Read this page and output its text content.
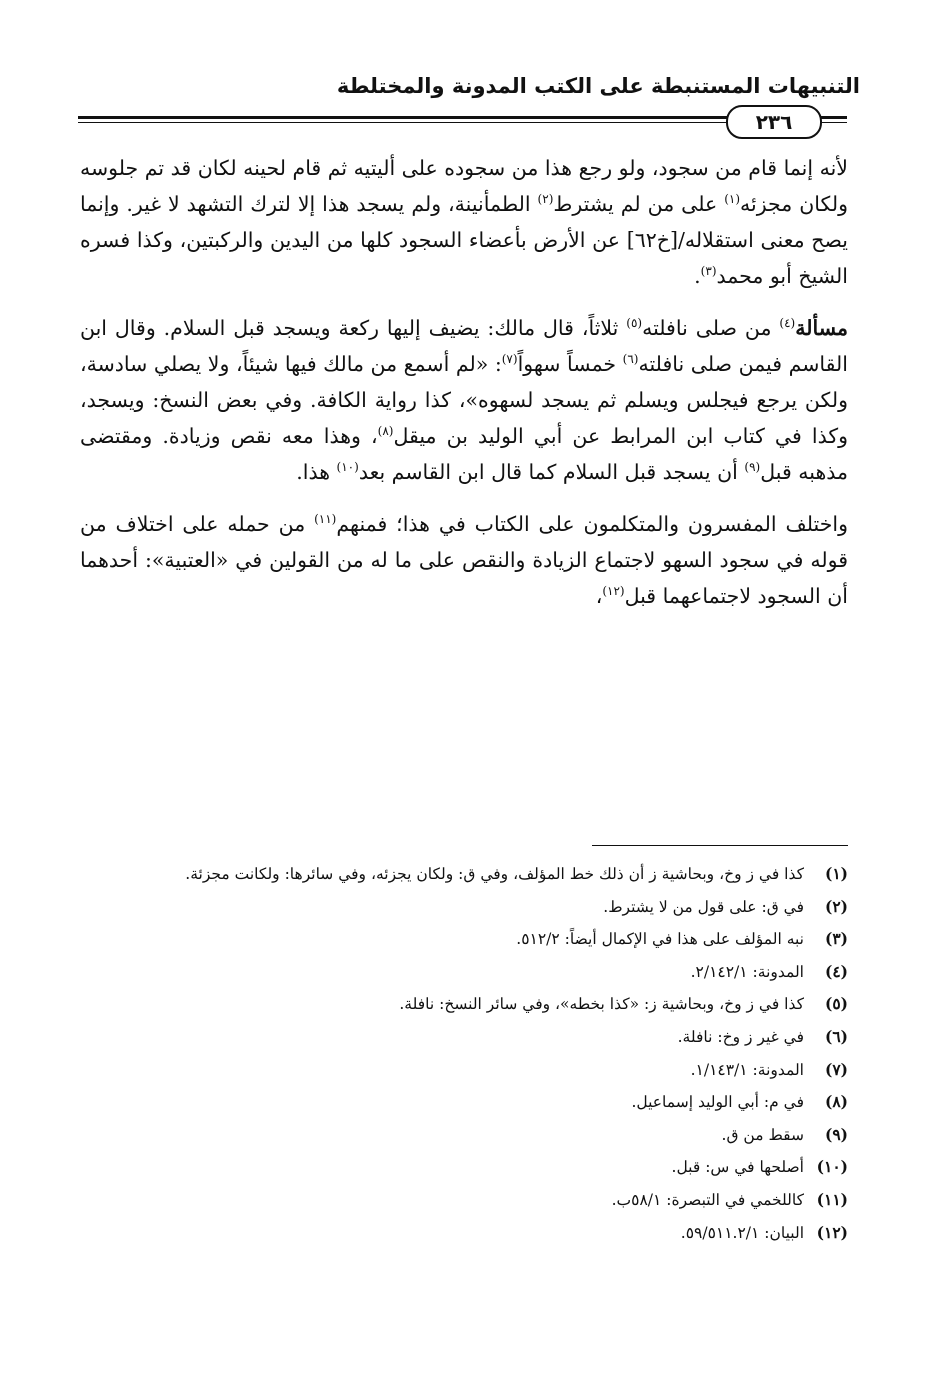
التنبيهات المستنبطة على الكتب المدونة والمختلطة
٢٣٦

لأنه إنما قام من سجود، ولو رجع هذا من سجوده على أليتيه ثم قام لحينه لكان قد تم جلوسه ولكان مجزئه$^{(١)}$ على من لم يشترط$^{(٢)}$ الطمأنينة، ولم يسجد هذا إلا لترك التشهد لا غير. وإنما يصح معنى استقلاله/[خ٦٢] عن الأرض بأعضاء السجود كلها من اليدين والركبتين، وكذا فسره الشيخ أبو محمد$^{(٣)}$.

مسألة$^{(٤)}$ من صلى نافلته$^{(٥)}$ ثلاثاً، قال مالك: يضيف إليها ركعة ويسجد قبل السلام. وقال ابن القاسم فيمن صلى نافلته$^{(٦)}$ خمساً سهواً$^{(٧)}$: «لم أسمع من مالك فيها شيئاً، ولا يصلي سادسة، ولكن يرجع فيجلس ويسلم ثم يسجد لسهوه»، كذا رواية الكافة. وفي بعض النسخ: ويسجد، وكذا في كتاب ابن المرابط عن أبي الوليد بن ميقل$^{(٨)}$، وهذا معه نقص وزيادة. ومقتضى مذهبه قبل$^{(٩)}$ أن يسجد قبل السلام كما قال ابن القاسم بعد$^{(١٠)}$ هذا.

واختلف المفسرون والمتكلمون على الكتاب في هذا؛ فمنهم$^{(١١)}$ من حمله على اختلاف من قوله في سجود السهو لاجتماع الزيادة والنقص على ما له من القولين في «العتبية»: أحدهما أن السجود لاجتماعهما قبل$^{(١٢)}$،

(١)
كذا في ز وخ، وبحاشية ز أن ذلك خط المؤلف، وفي ق: ولكان يجزئه، وفي سائرها: ولكانت مجزئة.
(٢)
في ق: على قول من لا يشترط.
(٣)
نبه المؤلف على هذا في الإكمال أيضاً: ٥١٢/٢.
(٤)
المدونة: ٢/١٤٢/١.
(٥)
كذا في ز وخ، وبحاشية ز: «كذا بخطه»، وفي سائر النسخ: نافلة.
(٦)
في غير ز وخ: نافلة.
(٧)
المدونة: ١/١٤٣/١.
(٨)
في م: أبي الوليد إسماعيل.
(٩)
سقط من ق.
(١٠)
أصلحها في س: قبل.
(١١)
كاللخمي في التبصرة: ٥٨/١ب.
(١٢)
البيان: ٥٩/٥١١.٢/١.
